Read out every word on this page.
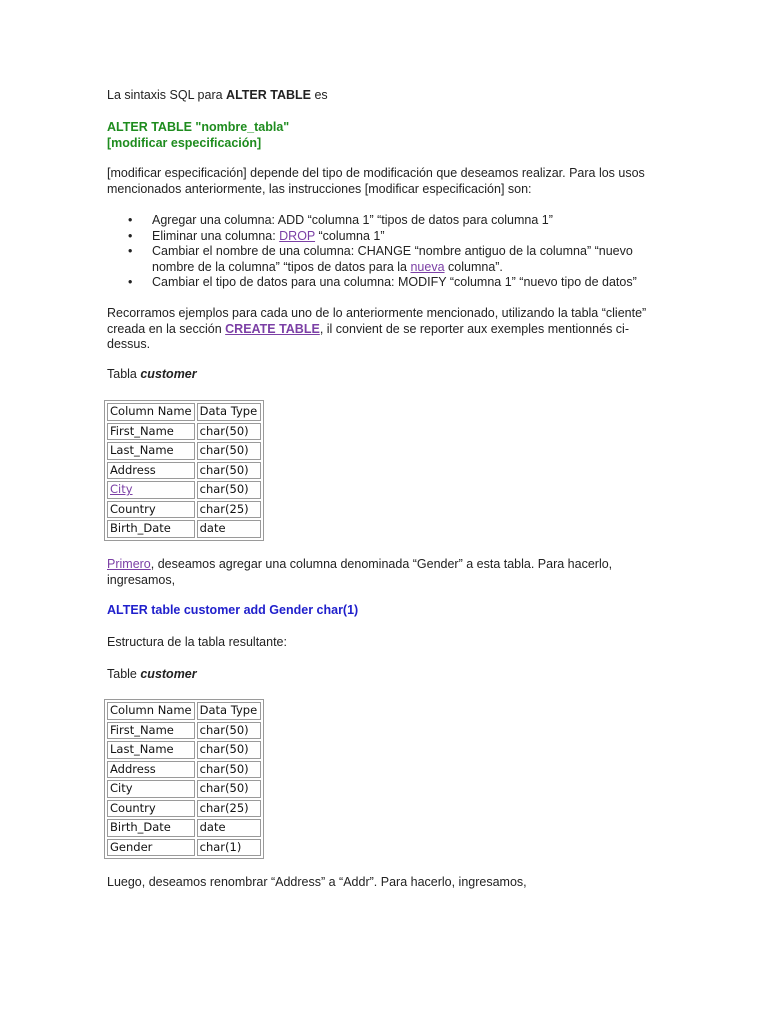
La sintaxis SQL para ALTER TABLE es
ALTER TABLE "nombre_tabla"
[modificar especificación]
[modificar especificación] depende del tipo de modificación que deseamos realizar. Para los usos mencionados anteriormente, las instrucciones [modificar especificación] son:
• Agregar una columna: ADD “columna 1” “tipos de datos para columna 1”
• Eliminar una columna: DROP “columna 1”
• Cambiar el nombre de una columna: CHANGE “nombre antiguo de la columna” “nuevo nombre de la columna” “tipos de datos para la nueva columna”.
• Cambiar el tipo de datos para una columna: MODIFY “columna 1” “nuevo tipo de datos”
Recorramos ejemplos para cada uno de lo anteriormente mencionado, utilizando la tabla “cliente” creada en la sección CREATE TABLE, il convient de se reporter aux exemples mentionnés ci-dessus.
Tabla customer
Column Name	Data Type
First_Name	char(50)
Last_Name	char(50)
Address	char(50)
City	char(50)
Country	char(25)
Birth_Date	date
Primero, deseamos agregar una columna denominada “Gender” a esta tabla. Para hacerlo, ingresamos,
ALTER table customer add Gender char(1)
Estructura de la tabla resultante:
Table customer
Column Name	Data Type
First_Name	char(50)
Last_Name	char(50)
Address	char(50)
City	char(50)
Country	char(25)
Birth_Date	date
Gender	char(1)
Luego, deseamos renombrar “Address” a “Addr”. Para hacerlo, ingresamos,
